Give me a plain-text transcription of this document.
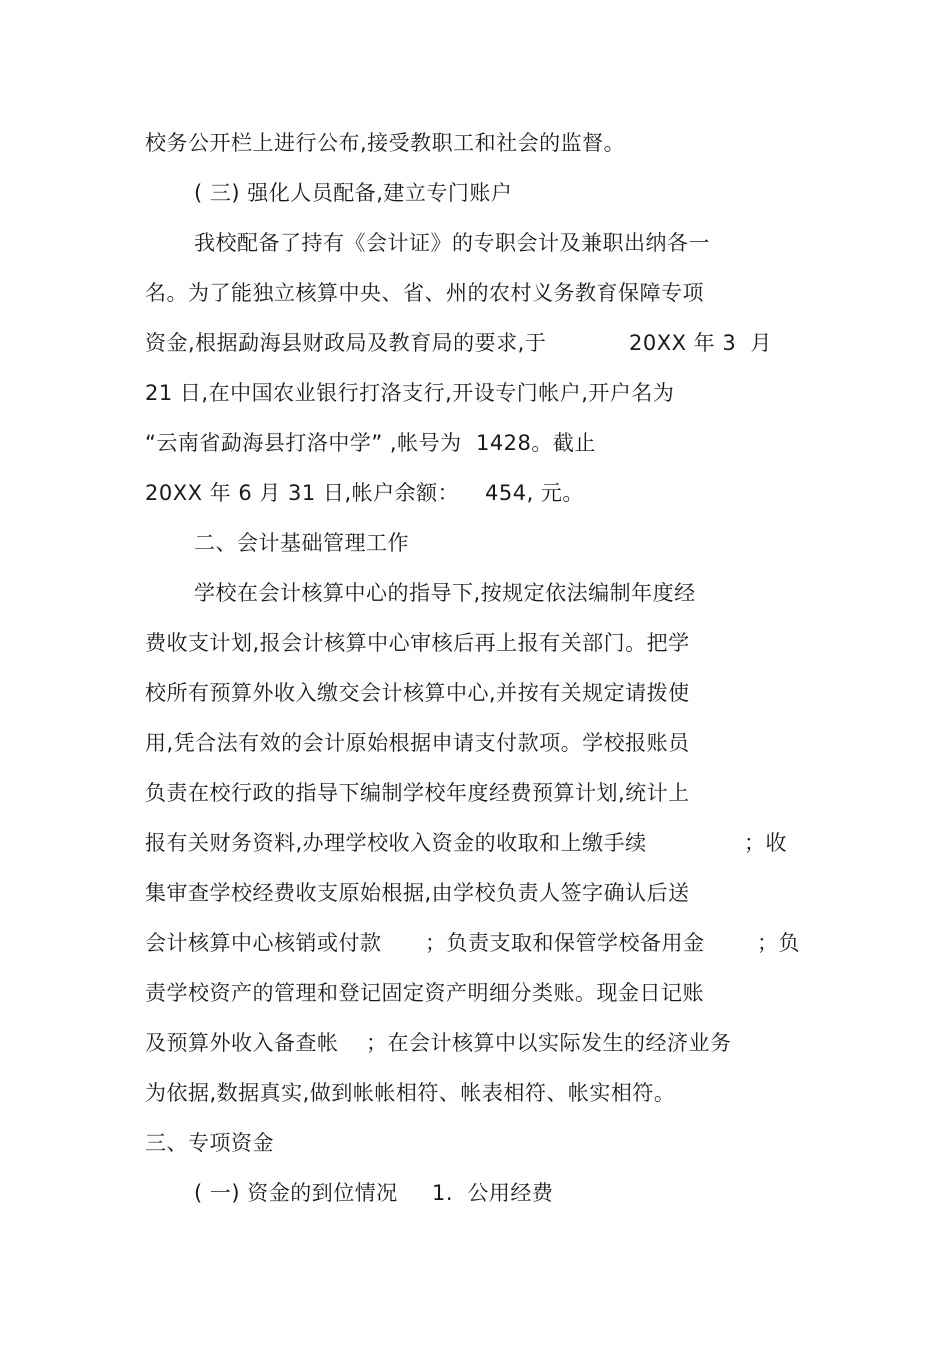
校务公开栏上进行公布,接受教职工和社会的监督。
( 三) 强化人员配备,建立专门账户
我校配备了持有《会计证》的专职会计及兼职出纳各一
名。为了能独立核算中央、省、州的农村义务教育保障专项
资金,根据勐海县财政局及教育局的要求,于	20XX 年 3  月
21 日,在中国农业银行打洛支行,开设专门帐户,开户名为
“云南省勐海县打洛中学” ,帐号为  1428。截止
20XX 年 6 月 31 日,帐户余额： 454, 元。
二、会计基础管理工作
学校在会计核算中心的指导下,按规定依法编制年度经
费收支计划,报会计核算中心审核后再上报有关部门。把学
校所有预算外收入缴交会计核算中心,并按有关规定请拨使
用,凭合法有效的会计原始根据申请支付款项。学校报账员
负责在校行政的指导下编制学校年度经费预算计划,统计上
报有关财务资料,办理学校收入资金的收取和上缴手续	；收
集审查学校经费收支原始根据,由学校负责人签字确认后送
会计核算中心核销或付款 ；负责支取和保管学校备用金	；负
责学校资产的管理和登记固定资产明细分类账。现金日记账
及预算外收入备查帐 ；在会计核算中以实际发生的经济业务
为依据,数据真实,做到帐帐相符、帐表相符、帐实相符。
三、专项资金
( 一) 资金的到位情况 1.  公用经费
